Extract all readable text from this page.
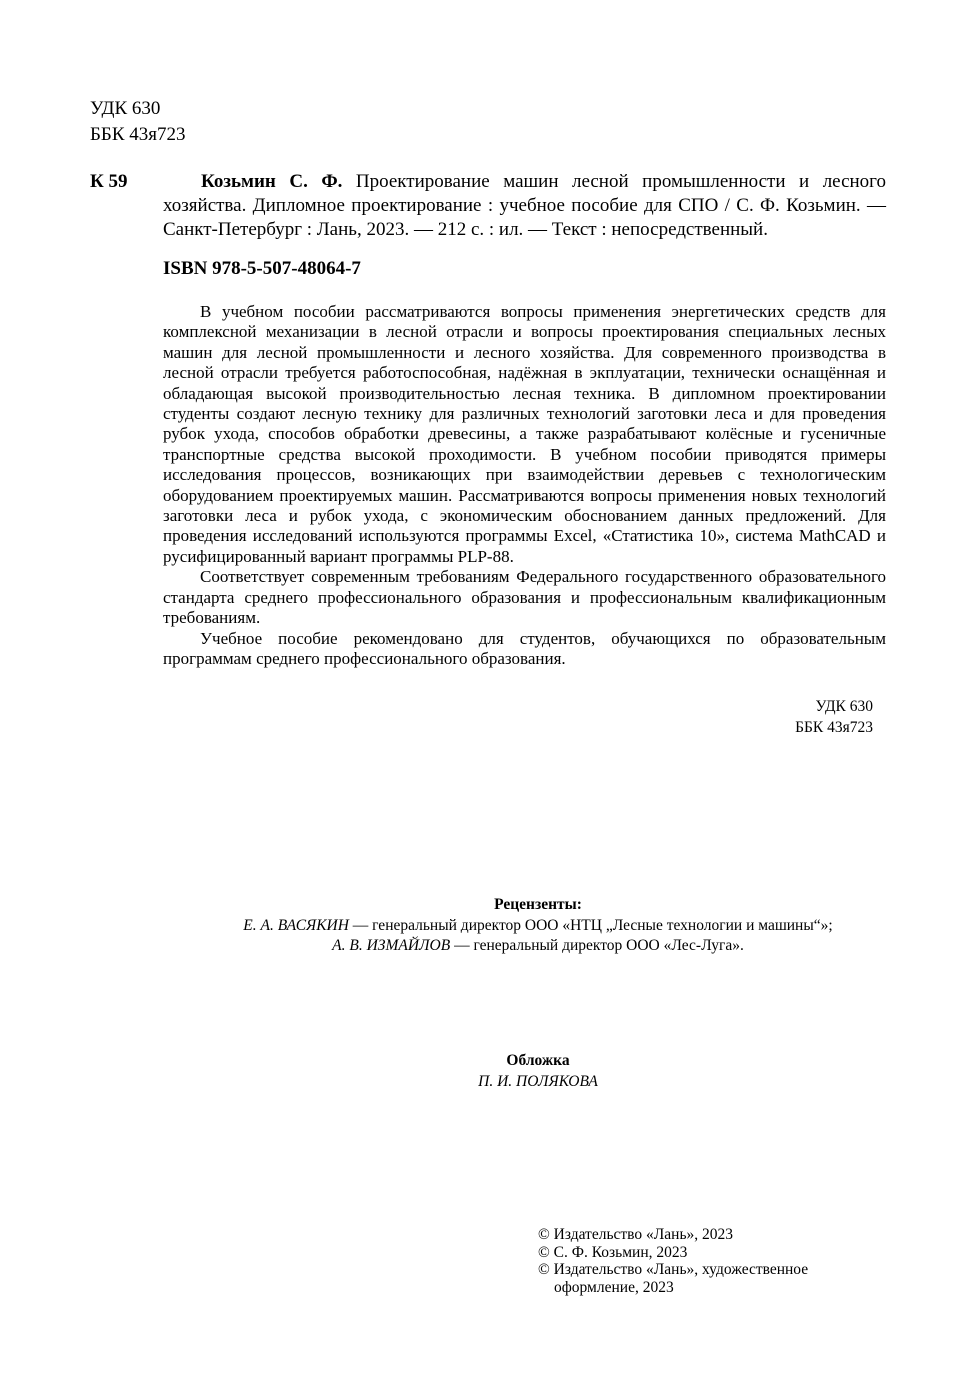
УДК 630
ББК 43я723
К 59	Козьмин С. Ф. Проектирование машин лесной промышленности и лесного хозяйства. Дипломное проектирование : учебное пособие для СПО / С. Ф. Козьмин. — Санкт-Петербург : Лань, 2023. — 212 с. : ил. — Текст : непосредственный.
ISBN 978-5-507-48064-7

В учебном пособии рассматриваются вопросы применения энергетических средств для комплексной механизации в лесной отрасли и вопросы проектирования специальных лесных машин для лесной промышленности и лесного хозяйства. Для современного производства в лесной отрасли требуется работоспособная, надёжная в экплуатации, технически оснащённая и обладающая высокой производительностью лесная техника. В дипломном проектировании студенты создают лесную технику для различных технологий заготовки леса и для проведения рубок ухода, способов обработки древесины, а также разрабатывают колёсные и гусеничные транспортные средства высокой проходимости. В учебном пособии приводятся примеры исследования процессов, возникающих при взаимодействии деревьев с технологическим оборудованием проектируемых машин. Рассматриваются вопросы применения новых технологий заготовки леса и рубок ухода, с экономическим обоснованием данных предложений. Для проведения исследований используются программы Excel, «Статистика 10», система MathCAD и русифицированный вариант программы PLP-88.

Соответствует современным требованиям Федерального государственного образовательного стандарта среднего профессионального образования и профессиональным квалификационным требованиям.

Учебное пособие рекомендовано для студентов, обучающихся по образовательным программам среднего профессионального образования.

УДК 630
ББК 43я723
Рецензенты:
Е. А. ВАСЯКИН — генеральный директор ООО «НТЦ „Лесные технологии и машины“»;
А. В. ИЗМАЙЛОВ — генеральный директор ООО «Лес-Луга».
Обложка
П. И. ПОЛЯКОВА
© Издательство «Лань», 2023
© С. Ф. Козьмин, 2023
© Издательство «Лань», художественное оформление, 2023
